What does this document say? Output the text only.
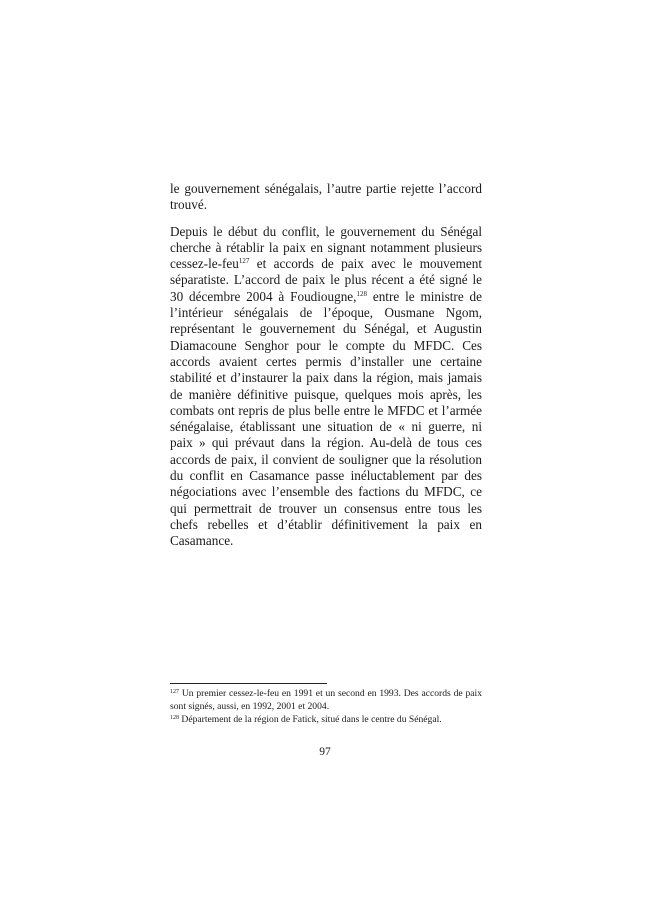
le gouvernement sénégalais, l’autre partie rejette l’accord trouvé.

Depuis le début du conflit, le gouvernement du Sénégal cherche à rétablir la paix en signant notamment plusieurs cessez-le-feu$^{127}$ et accords de paix avec le mouvement séparatiste. L’accord de paix le plus récent a été signé le 30 décembre 2004 à Foudiougne,$^{128}$ entre le ministre de l’intérieur sénégalais de l’époque, Ousmane Ngom, représentant le gouvernement du Sénégal, et Augustin Diamacoune Senghor pour le compte du MFDC. Ces accords avaient certes permis d’installer une certaine stabilité et d’instaurer la paix dans la région, mais jamais de manière définitive puisque, quelques mois après, les combats ont repris de plus belle entre le MFDC et l’armée sénégalaise, établissant une situation de « ni guerre, ni paix » qui prévaut dans la région. Au-delà de tous ces accords de paix, il convient de souligner que la résolution du conflit en Casamance passe inéluctablement par des négociations avec l’ensemble des factions du MFDC, ce qui permettrait de trouver un consensus entre tous les chefs rebelles et d’établir définitivement la paix en Casamance.

$^{127}$ Un premier cessez-le-feu en 1991 et un second en 1993. Des accords de paix sont signés, aussi, en 1992, 2001 et 2004.

$^{128}$ Département de la région de Fatick, situé dans le centre du Sénégal.

97
